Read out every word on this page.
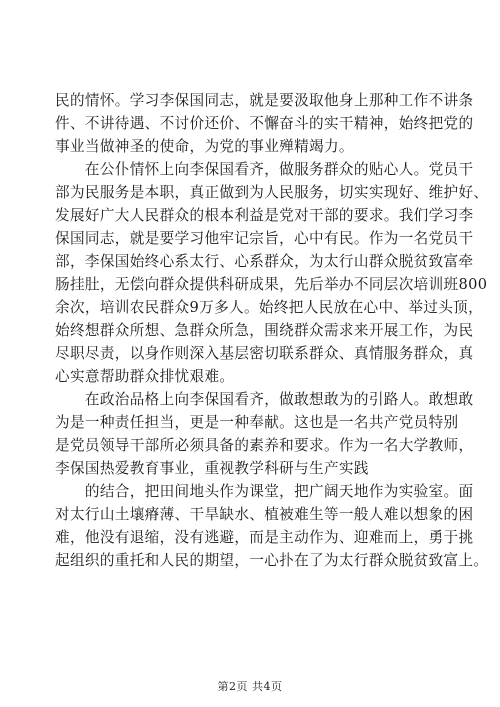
民的情怀。学习李保国同志，就是要汲取他身上那种工作不讲条
件、不讲待遇、不讨价还价、不懈奋斗的实干精神，始终把党的
事业当做神圣的使命，为党的事业殚精竭力。
　　在公仆情怀上向李保国看齐，做服务群众的贴心人。党员干
部为民服务是本职，真正做到为人民服务，切实实现好、维护好、
发展好广大人民群众的根本利益是党对干部的要求。我们学习李
保国同志，就是要学习他牢记宗旨，心中有民。作为一名党员干
部，李保国始终心系太行、心系群众，为太行山群众脱贫致富牵
肠挂肚，无偿向群众提供科研成果，先后举办不同层次培训班800
余次，培训农民群众9万多人。始终把人民放在心中、举过头顶，
始终想群众所想、急群众所急，围绕群众需求来开展工作，为民
尽职尽责，以身作则深入基层密切联系群众、真情服务群众，真
心实意帮助群众排忧艰难。
　　在政治品格上向李保国看齐，做敢想敢为的引路人。敢想敢
为是一种责任担当，更是一种奉献。这也是一名共产党员特别
是党员领导干部所必须具备的素养和要求。作为一名大学教师，
李保国热爱教育事业，重视教学科研与生产实践
　　的结合，把田间地头作为课堂，把广阔天地作为实验室。面
对太行山土壤瘠薄、干旱缺水、植被难生等一般人难以想象的困
难，他没有退缩，没有逃避，而是主动作为、迎难而上，勇于挑
起组织的重托和人民的期望，一心扑在了为太行群众脱贫致富上。
第2页 共4页
